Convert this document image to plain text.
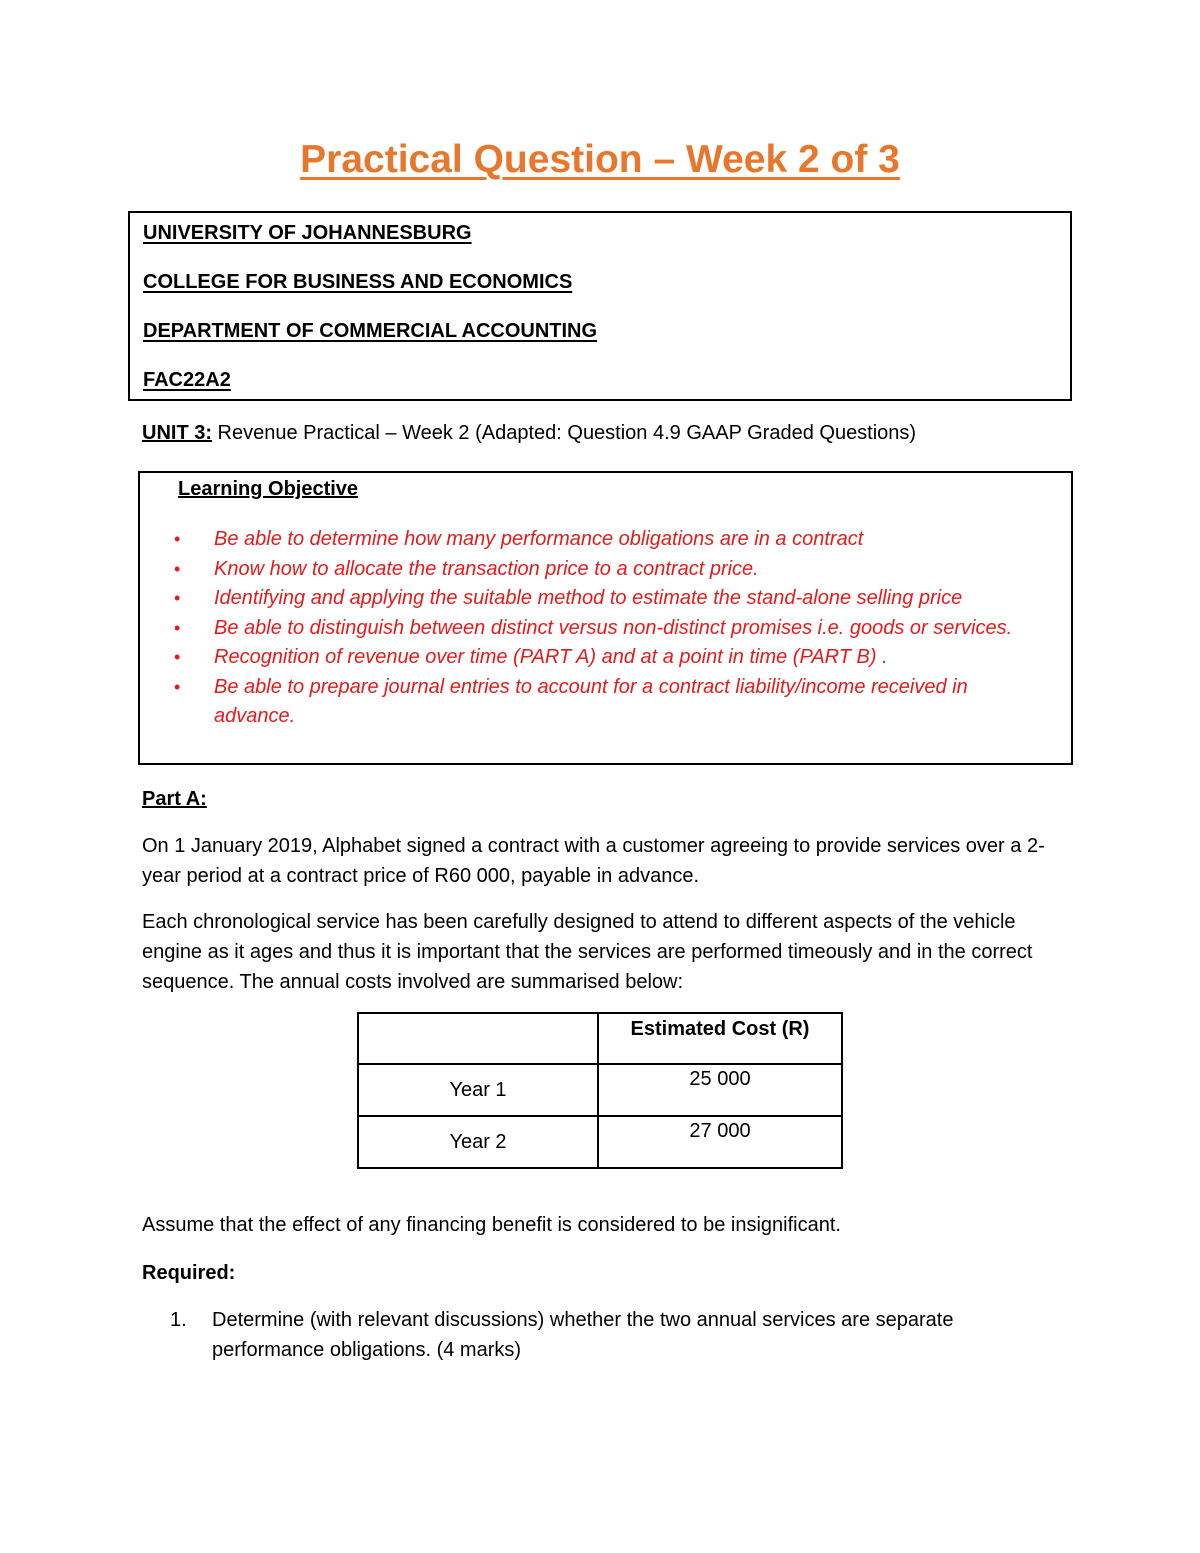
Practical Question – Week 2 of 3
UNIVERSITY OF JOHANNESBURG
COLLEGE FOR BUSINESS AND ECONOMICS
DEPARTMENT OF COMMERCIAL ACCOUNTING
FAC22A2
UNIT 3: Revenue Practical – Week 2 (Adapted: Question 4.9 GAAP Graded Questions)
Learning Objective
• Be able to determine how many performance obligations are in a contract
• Know how to allocate the transaction price to a contract price.
• Identifying and applying the suitable method to estimate the stand-alone selling price
• Be able to distinguish between distinct versus non-distinct promises i.e. goods or services.
• Recognition of revenue over time (PART A) and at a point in time (PART B) .
• Be able to prepare journal entries to account for a contract liability/income received in advance.
Part A:
On 1 January 2019, Alphabet signed a contract with a customer agreeing to provide services over a 2-year period at a contract price of R60 000, payable in advance.
Each chronological service has been carefully designed to attend to different aspects of the vehicle engine as it ages and thus it is important that the services are performed timeously and in the correct sequence. The annual costs involved are summarised below:

	Estimated Cost (R)

Year 1	25 000
Year 2	27 000
Assume that the effect of any financing benefit is considered to be insignificant.
Required:
1. Determine (with relevant discussions) whether the two annual services are separate performance obligations. (4 marks)
